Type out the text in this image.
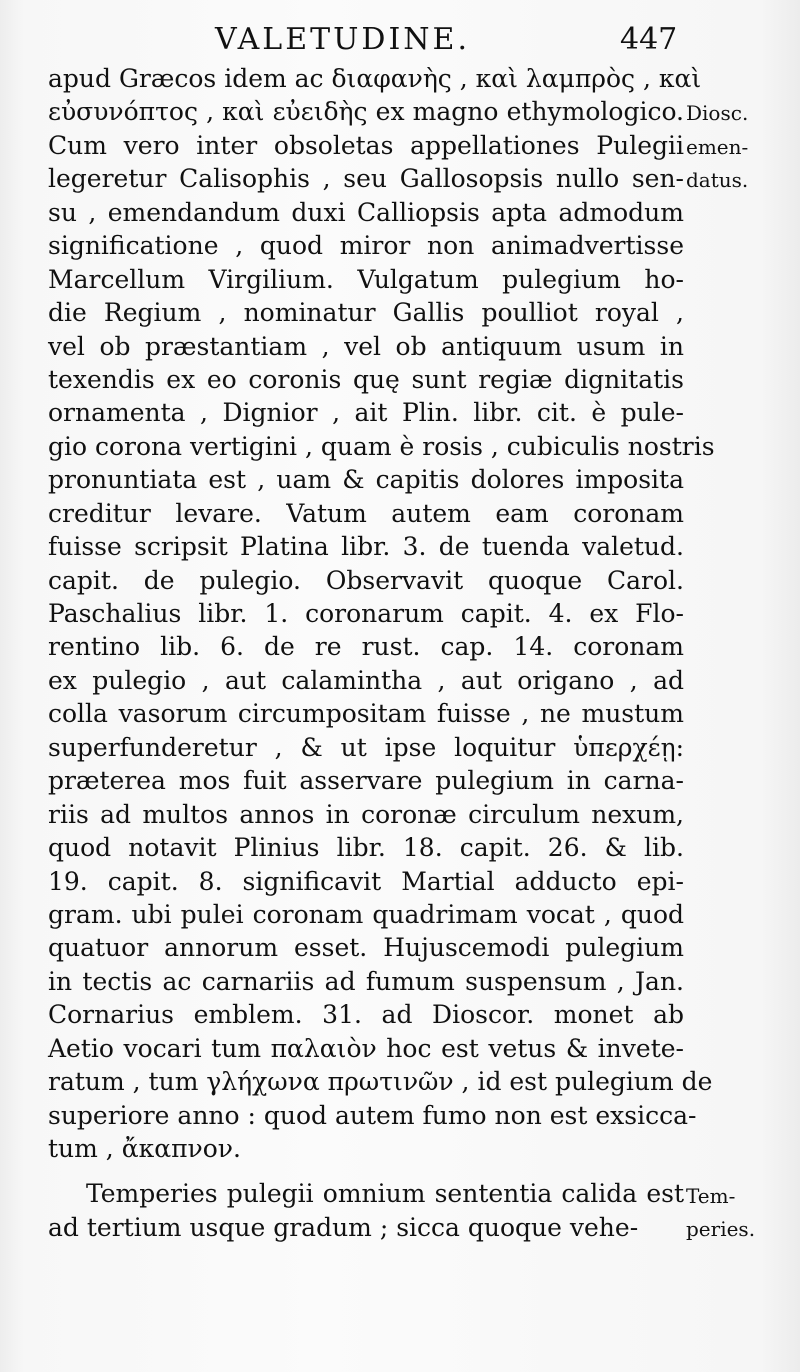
VALETUDINE.	447
apud Græcos idem ac διαφανὴς , καὶ λαμπρὸς , καὶ
εὐσυνόπτος , καὶ εὐειδὴς ex magno ethymologico.
Cum vero inter obsoletas appellationes Pulegii
legeretur Calisophis , seu Gallosopsis nullo sen-
su , emendandum duxi Calliopsis apta admodum
significatione , quod miror non animadvertisse
Marcellum Virgilium. Vulgatum pulegium ho-
die Regium , nominatur Gallis poulliot royal ,
vel ob præstantiam , vel ob antiquum usum in
texendis ex eo coronis quę sunt regiæ dignitatis
ornamenta , Dignior , ait Plin. libr. cit. è pule-
gio corona vertigini , quam è rosis , cubiculis nostris
pronuntiata est , uam & capitis dolores imposita
creditur levare. Vatum autem eam coronam
fuisse scripsit Platina libr. 3. de tuenda valetud.
capit. de pulegio. Observavit quoque Carol.
Paschalius libr. 1. coronarum capit. 4. ex Flo-
rentino lib. 6. de re rust. cap. 14. coronam
ex pulegio , aut calamintha , aut origano , ad
colla vasorum circumpositam fuisse , ne mustum
superfunderetur , & ut ipse loquitur ὑπερχέῃ:
præterea mos fuit asservare pulegium in carna-
riis ad multos annos in coronæ circulum nexum,
quod notavit Plinius libr. 18. capit. 26. & lib.
19. capit. 8. significavit Martial adducto epi-
gram. ubi pulei coronam quadrimam vocat , quod
quatuor annorum esset. Hujuscemodi pulegium
in tectis ac carnariis ad fumum suspensum , Jan.
Cornarius emblem. 31. ad Dioscor. monet ab
Aetio vocari tum παλαιὸν hoc est vetus & invete-
ratum , tum γλήχωνα πρωτινῶν , id est pulegium de
superiore anno : quod autem fumo non est exsicca-
tum , ἄκαπνον.
Temperies pulegii omnium sententia calida est
ad tertium usque gradum ; sicca quoque vehe-
Diosc.
emen-
datus.
Tem-
peries.
